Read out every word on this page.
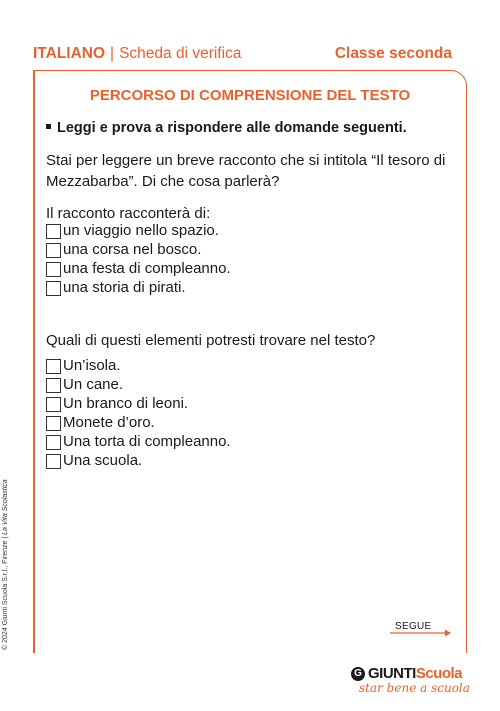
ITALIANO | Scheda di verifica	Classe seconda
PERCORSO DI COMPRENSIONE DEL TESTO
Leggi e prova a rispondere alle domande seguenti.
Stai per leggere un breve racconto che si intitola “Il tesoro di Mezzabarba”. Di che cosa parlerà?
Il racconto racconterà di:
un viaggio nello spazio.
una corsa nel bosco.
una festa di compleanno.
una storia di pirati.
Quali di questi elementi potresti trovare nel testo?
Un’isola.
Un cane.
Un branco di leoni.
Monete d’oro.
Una torta di compleanno.
Una scuola.
© 2024 Giunti Scuola S.r.l., Firenze | La Vita Scolastica
SEGUE
G GIUNTI Scuola
star bene a scuola
